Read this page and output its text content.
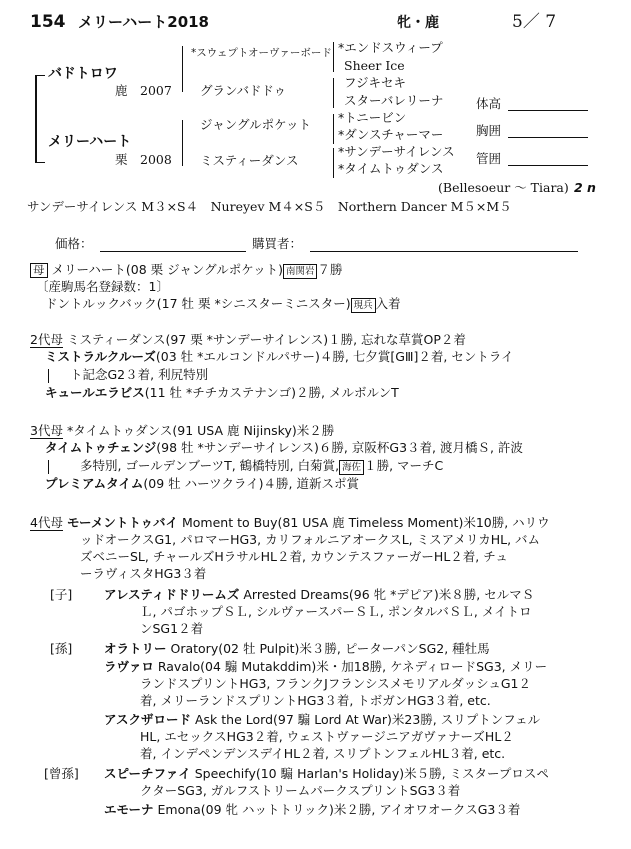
154 メリーハート2018	牝・鹿	5／ 7
バドトロワ
鹿　2007
メリーハート
栗　2008
*スウェプトオーヴァーボード
グランバドドゥ
ジャングルポケット
ミスティーダンス
*エンドスウィープ
Sheer Ice
フジキセキ
スターバレリーナ
*トニービン
*ダンスチャーマー
*サンデーサイレンス
*タイムトゥダンス
(Bellesoeur ～ Tiara) 2 n
体高
胸囲
管囲
サンデーサイレンス M３×S４　Nureyev M４×S５　Northern Dancer M５×M５
価格：	購買者：
母 メリーハート(08 栗 ジャングルポケット) 南関岩 ７勝
〔産駒馬名登録数：1〕
ドントルックバック(17 牡 栗 *シニスターミニスター) 現兵 入着
2代母 ミスティーダンス(97 栗 *サンデーサイレンス)１勝, 忘れな草賞OP２着
ミストラルクルーズ(03 牡 *エルコンドルパサー)４勝, 七夕賞[GⅢ]２着, セントライ
ト記念G2３着, 利尻特別
キュールエラビス(11 牡 *チチカステナンゴ)２勝, メルボルンT
3代母 *タイムトゥダンス(91 USA 鹿 Nijinsky)米２勝
タイムトゥチェンジ(98 牡 *サンデーサイレンス)６勝, 京阪杯G3３着, 渡月橋Ｓ, 許波
多特別, ゴールデンブーツT, 鶴橋特別, 白菊賞, 海佐 １勝, マーチC
プレミアムタイム(09 牡 ハーツクライ)４勝, 道新スポ賞
4代母 モーメントトゥバイ Moment to Buy(81 USA 鹿 Timeless Moment)米10勝, ハリウ
ッドオークスG1, パロマーHG3, カリフォルニアオークスL, ミスアメリカHL, バム
ズベニーSL, チャールズHラサルHL２着, カウンテスファーガーHL２着, チュ
ーラヴィスタHG3３着
[子]	アレスティドドリームズ Arrested Dreams(96 牝 *デピア)米８勝, セルマＳ
Ｌ, パゴホップＳＬ, シルヴァースパーＳＬ, ポンタルバＳＬ, メイトロ
ンSG1２着
[孫]	オラトリー Oratory(02 牡 Pulpit)米３勝, ピーターパンSG2, 種牡馬
ラヴァロ Ravalo(04 騸 Mutakddim)米・加18勝, ケネディロードSG3, メリー
ランドスプリントHG3, フランクJフランシスメモリアルダッシュG1２
着, メリーランドスプリントHG3３着, トボガンHG3３着, etc.
アスクザロード Ask the Lord(97 騸 Lord At War)米23勝, スリプトンフェル
HL, エセックスHG3２着, ウェストヴァージニアガヴァナーズHL２
着, インデペンデンスデイHL２着, スリプトンフェルHL３着, etc.
[曾孫] スピーチファイ Speechify(10 騸 Harlan's Holiday)米５勝, ミスタープロスペ
クターSG3, ガルフストリームパークスプリントSG3３着
エモーナ Emona(09 牝 ハットトリック)米２勝, アイオワオークスG3３着
